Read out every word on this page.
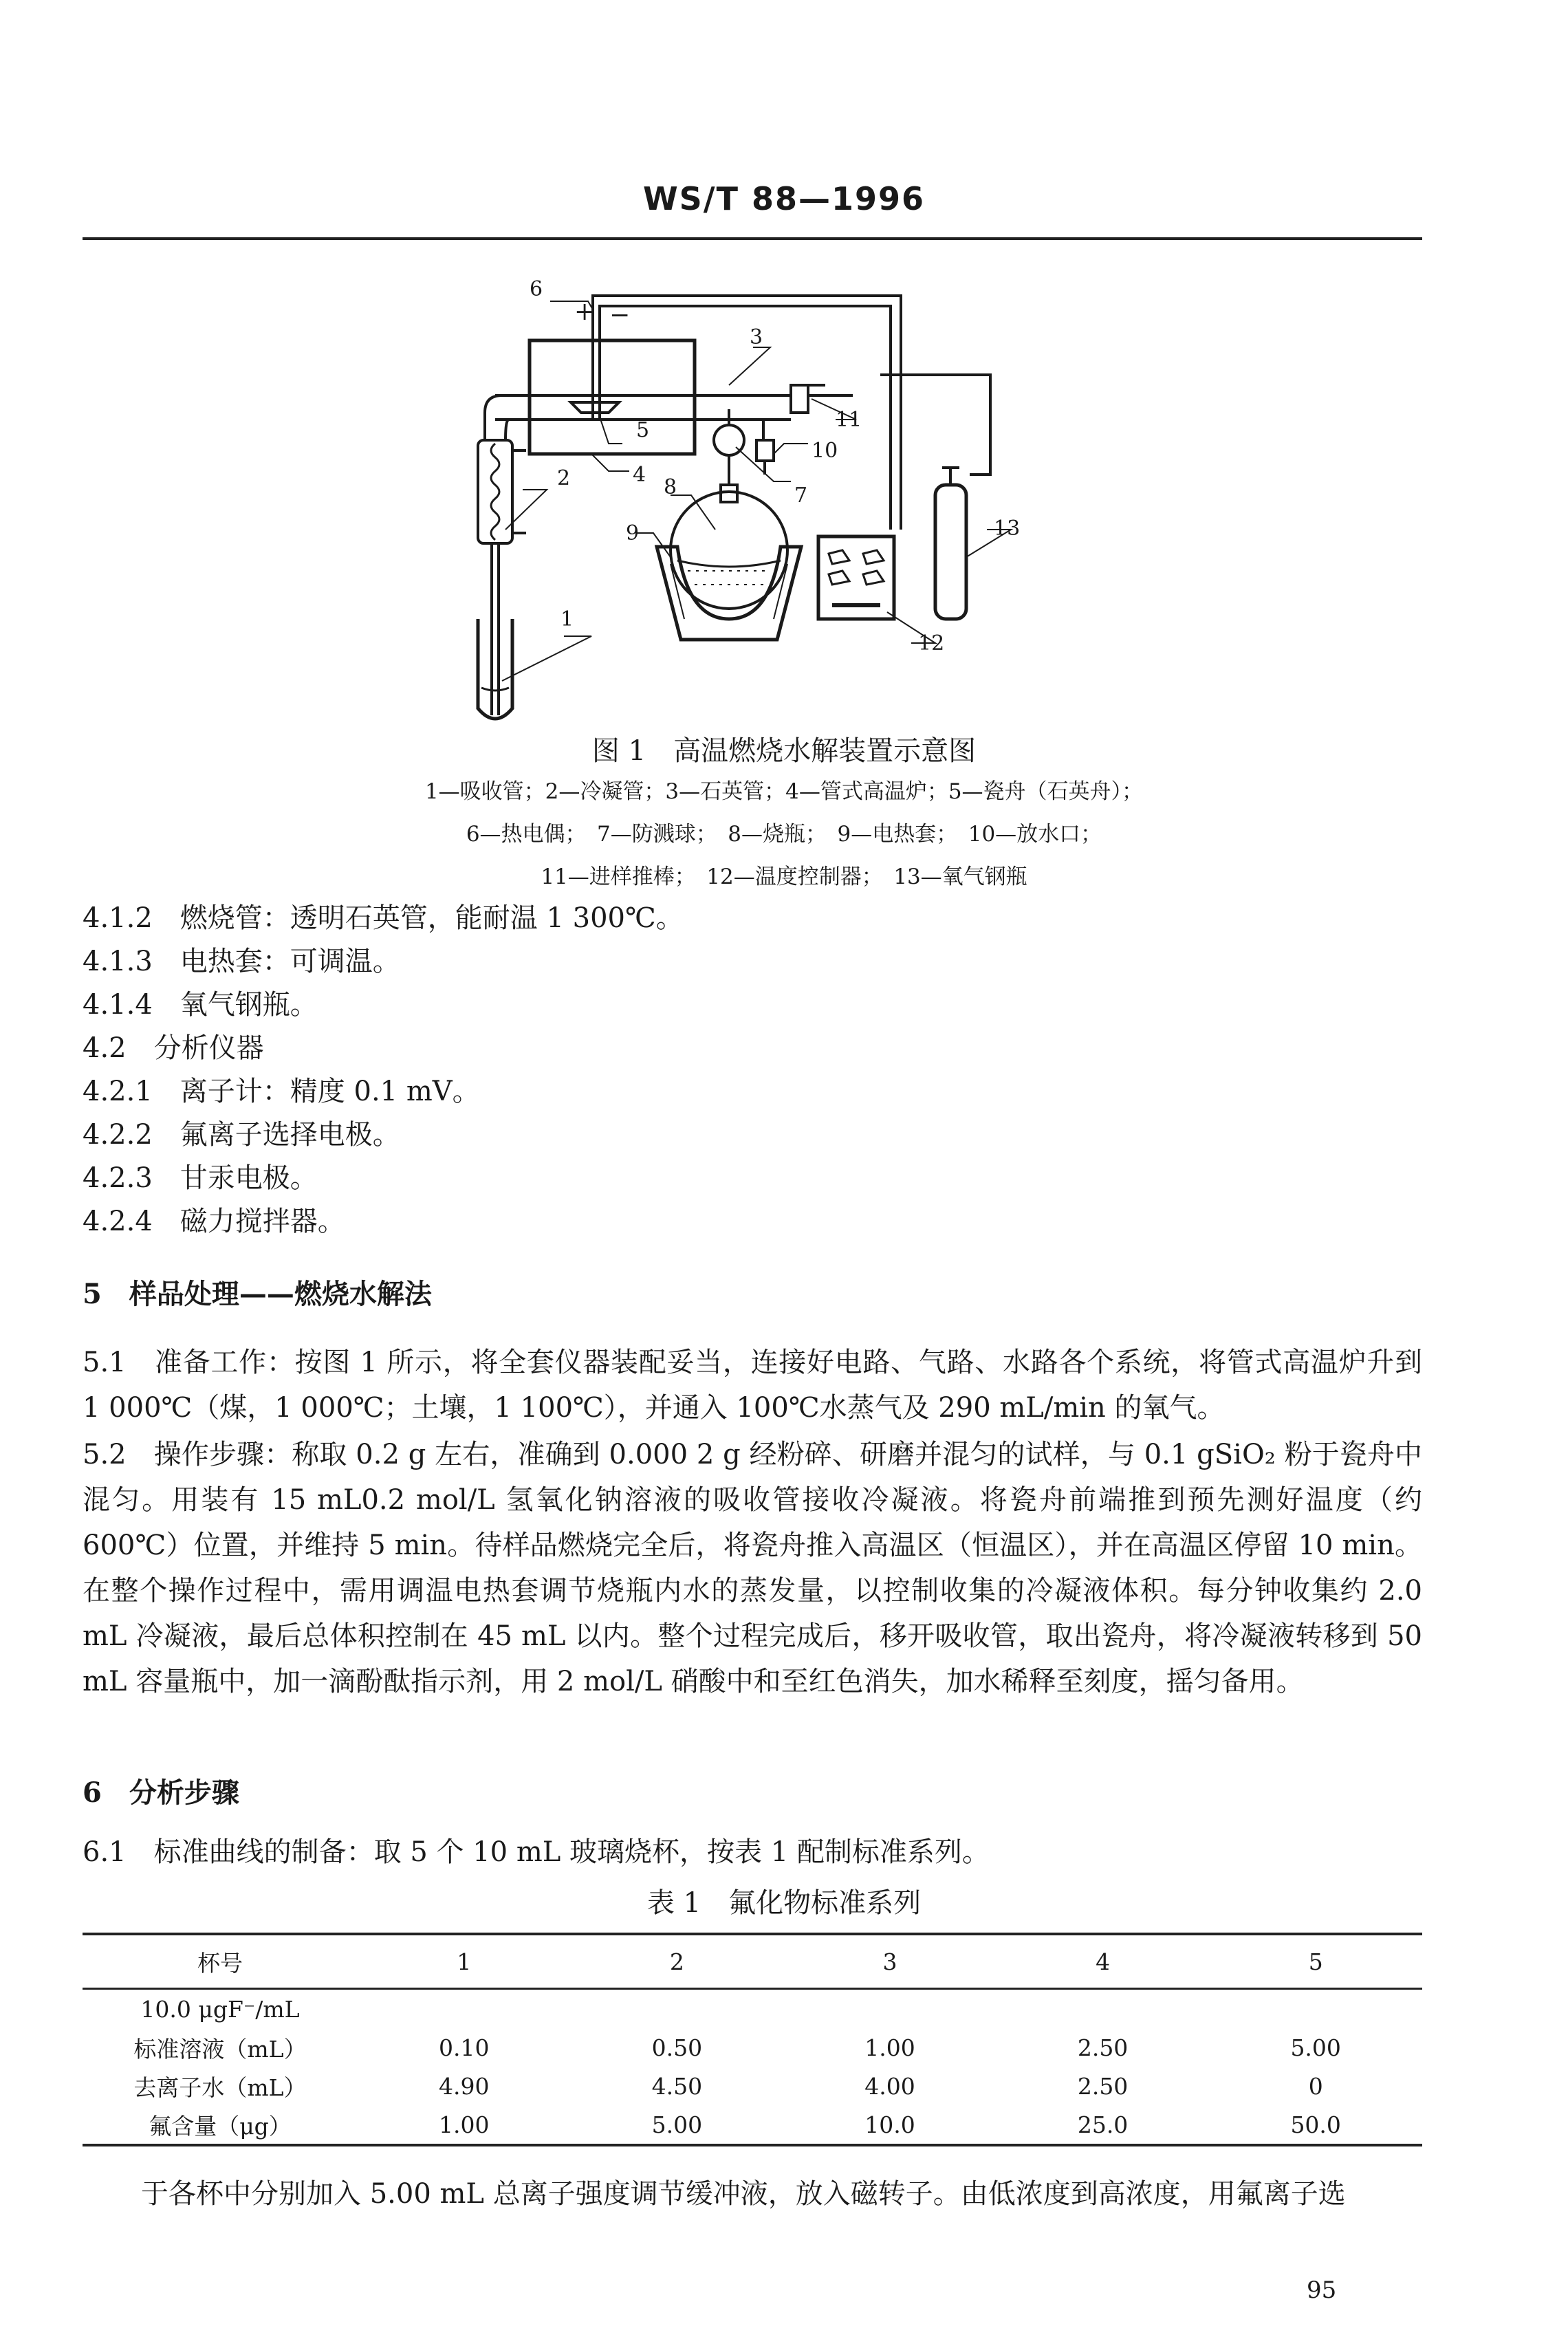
WS/T 88—1996
6
+ −
2
1
5
4
3
7
8
9
10
11
12
13
图 1　高温燃烧水解装置示意图
1—吸收管；2—冷凝管；3—石英管；4—管式高温炉；5—瓷舟（石英舟）；
6—热电偶；　7—防溅球；　8—烧瓶；　9—电热套；　10—放水口；
11—进样推棒；　12—温度控制器；　13—氧气钢瓶
4.1.2　 燃烧管：透明石英管，能耐温 1 300℃。
4.1.3　 电热套：可调温。
4.1.4　 氧气钢瓶。
4.2　 分析仪器
4.2.1　 离子计：精度 0.1 mV。
4.2.2　 氟离子选择电极。
4.2.3　 甘汞电极。
4.2.4　 磁力搅拌器。
5　样品处理——燃烧水解法
5.1　准备工作：按图 1 所示，将全套仪器装配妥当，连接好电路、气路、水路各个系统，将管式高温炉升到 1 000℃（煤，1 000℃；土壤，1 100℃），并通入 100℃水蒸气及 290 mL/min 的氧气。
5.2　操作步骤：称取 0.2 g 左右，准确到 0.000 2 g 经粉碎、研磨并混匀的试样，与 0.1 gSiO₂ 粉于瓷舟中混匀。用装有 15 mL0.2 mol/L 氢氧化钠溶液的吸收管接收冷凝液。将瓷舟前端推到预先测好温度（约 600℃）位置，并维持 5 min。待样品燃烧完全后，将瓷舟推入高温区（恒温区），并在高温区停留 10 min。在整个操作过程中，需用调温电热套调节烧瓶内水的蒸发量，以控制收集的冷凝液体积。每分钟收集约 2.0 mL 冷凝液，最后总体积控制在 45 mL 以内。整个过程完成后，移开吸收管，取出瓷舟，将冷凝液转移到 50 mL 容量瓶中，加一滴酚酞指示剂，用 2 mol/L 硝酸中和至红色消失，加水稀释至刻度，摇匀备用。
6　分析步骤
6.1　标准曲线的制备：取 5 个 10 mL 玻璃烧杯，按表 1 配制标准系列。
表 1　氟化物标准系列
杯号	1	2	3	4	5
10.0 μgF⁻/mL					
标准溶液（mL）	0.10	0.50	1.00	2.50	5.00
去离子水（mL）	4.90	4.50	4.00	2.50	0
氟含量（μg）	1.00	5.00	10.0	25.0	50.0
于各杯中分别加入 5.00 mL 总离子强度调节缓冲液，放入磁转子。由低浓度到高浓度，用氟离子选
95
